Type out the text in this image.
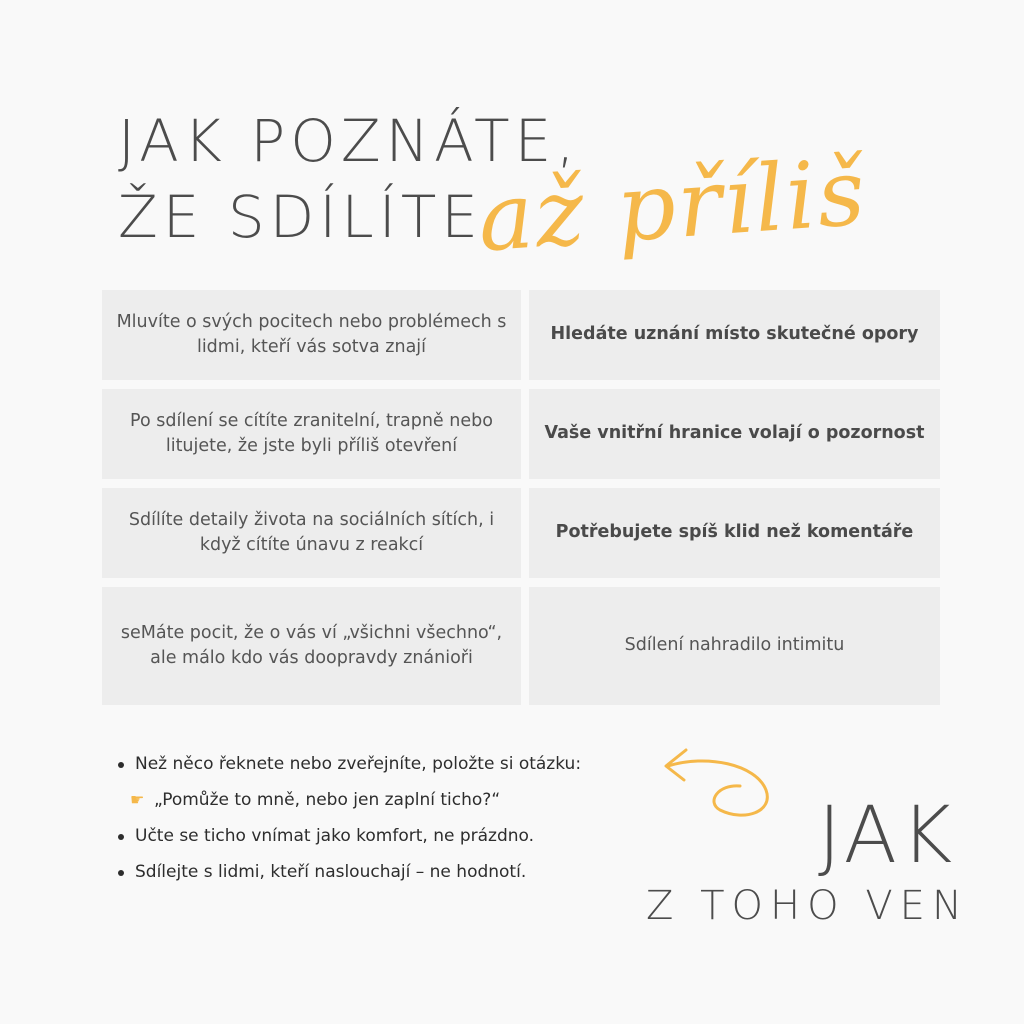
JAK POZNÁTE,
ŽE SDÍLÍTE
až příliš
Mluvíte o svých pocitech nebo problémech s lidmi, kteří vás sotva znají
Hledáte uznání místo skutečné opory
Po sdílení se cítíte zranitelní, trapně nebo litujete, že jste byli příliš otevření
Vaše vnitřní hranice volají o pozornost
Sdílíte detaily života na sociálních sítích, i když cítíte únavu z reakcí
Potřebujete spíš klid než komentáře
seMáte pocit, že o vás ví „všichni všechno“, ale málo kdo vás doopravdy znánioři
Sdílení nahradilo intimitu
Než něco řeknete nebo zveřejníte, položte si otázku:
☛ „Pomůže to mně, nebo jen zaplní ticho?“
Učte se ticho vnímat jako komfort, ne prázdno.
Sdílejte s lidmi, kteří naslouchají – ne hodnotí.	JAK
Z TOHO VEN
